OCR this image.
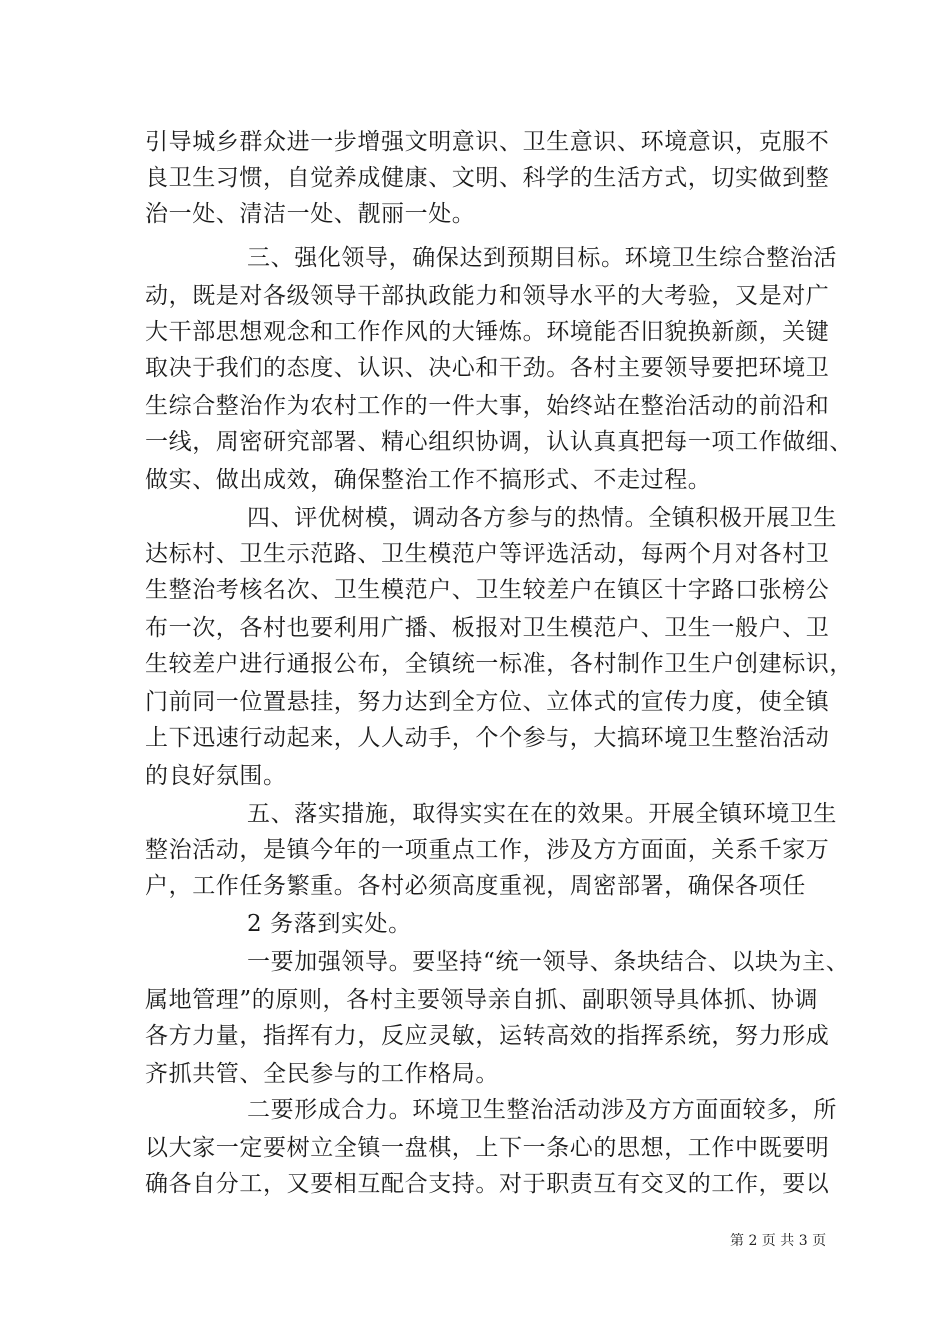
引导城乡群众进一步增强文明意识、卫生意识、环境意识，克服不
良卫生习惯，自觉养成健康、文明、科学的生活方式，切实做到整
治一处、清洁一处、靓丽一处。
三、强化领导，确保达到预期目标。环境卫生综合整治活
动，既是对各级领导干部执政能力和领导水平的大考验，又是对广
大干部思想观念和工作作风的大锤炼。环境能否旧貌换新颜，关键
取决于我们的态度、认识、决心和干劲。各村主要领导要把环境卫
生综合整治作为农村工作的一件大事，始终站在整治活动的前沿和
一线，周密研究部署、精心组织协调，认认真真把每一项工作做细、
做实、做出成效，确保整治工作不搞形式、不走过程。
四、评优树模，调动各方参与的热情。全镇积极开展卫生
达标村、卫生示范路、卫生模范户等评选活动，每两个月对各村卫
生整治考核名次、卫生模范户、卫生较差户在镇区十字路口张榜公
布一次，各村也要利用广播、板报对卫生模范户、卫生一般户、卫
生较差户进行通报公布，全镇统一标准，各村制作卫生户创建标识，
门前同一位置悬挂，努力达到全方位、立体式的宣传力度，使全镇
上下迅速行动起来，人人动手，个个参与，大搞环境卫生整治活动
的良好氛围。
五、落实措施，取得实实在在的效果。开展全镇环境卫生
整治活动，是镇今年的一项重点工作，涉及方方面面，关系千家万
户，工作任务繁重。各村必须高度重视，周密部署，确保各项任
2 务落到实处。
一要加强领导。要坚持“统一领导、条块结合、以块为主、
属地管理”的原则，各村主要领导亲自抓、副职领导具体抓、协调
各方力量，指挥有力，反应灵敏，运转高效的指挥系统，努力形成
齐抓共管、全民参与的工作格局。
二要形成合力。环境卫生整治活动涉及方方面面较多，所
以大家一定要树立全镇一盘棋，上下一条心的思想，工作中既要明
确各自分工，又要相互配合支持。对于职责互有交叉的工作，要以
第 2 页 共 3 页
